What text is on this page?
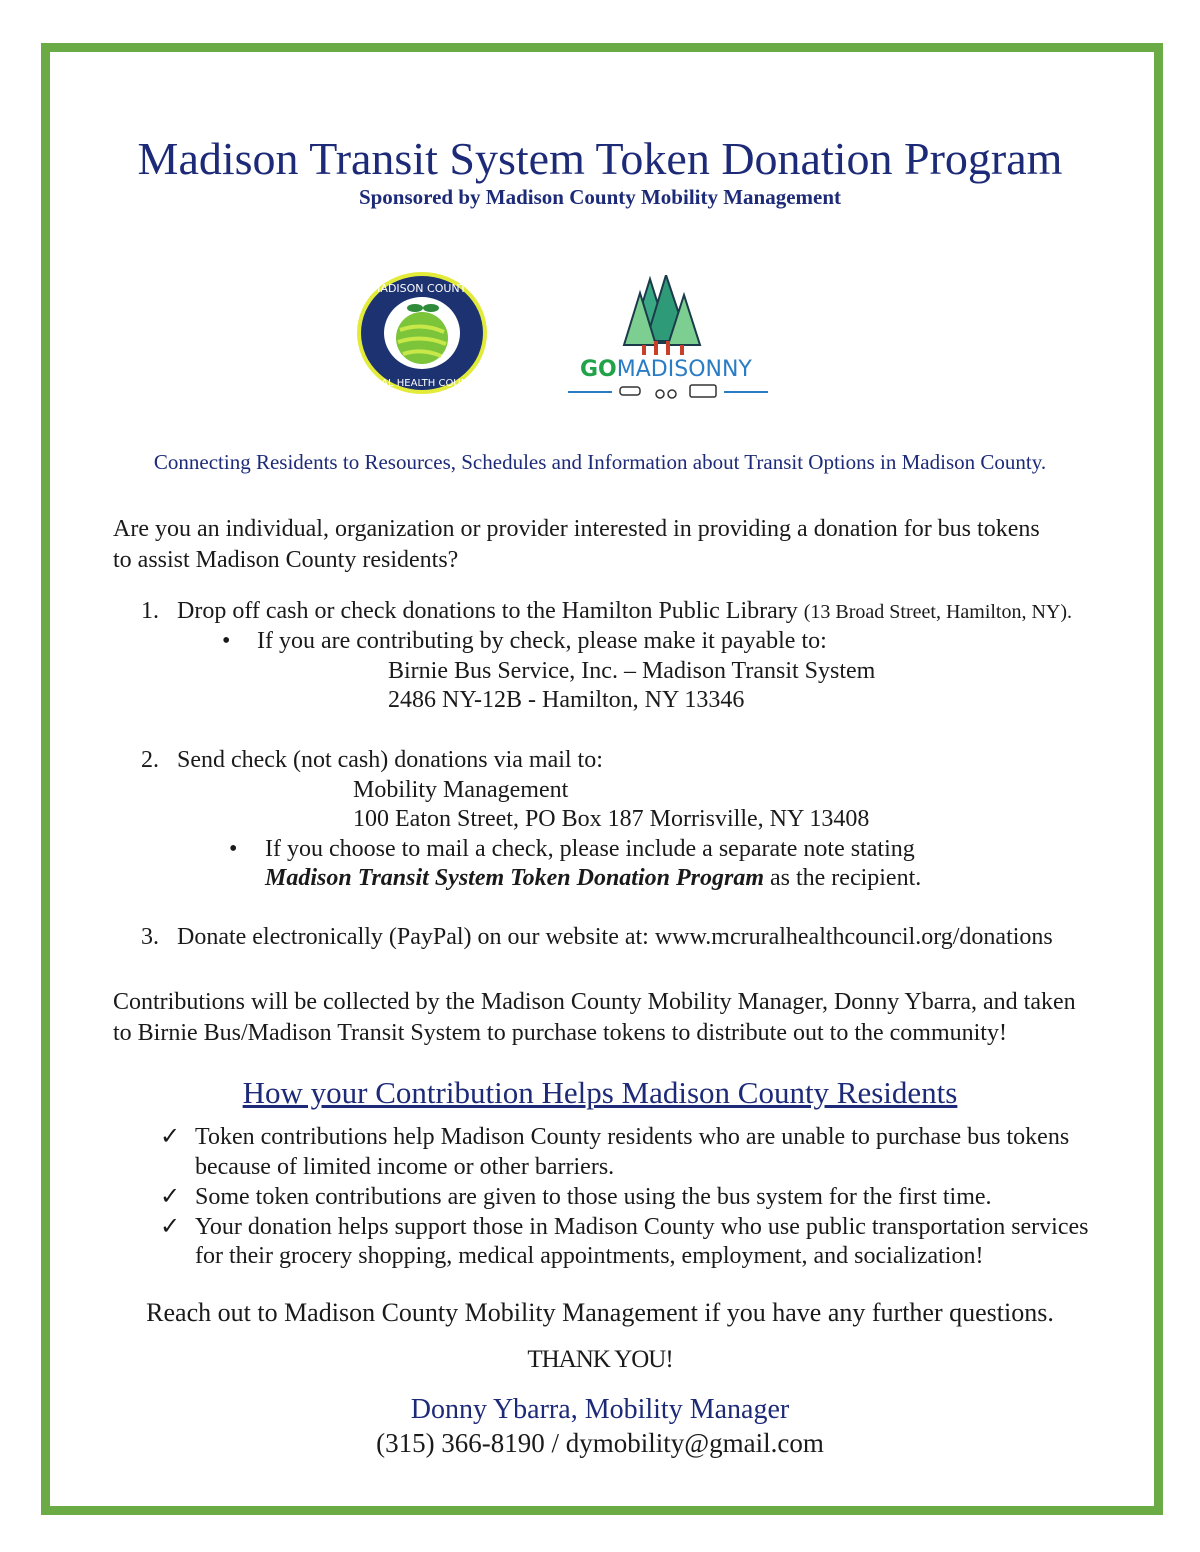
Madison Transit System Token Donation Program
Sponsored by Madison County Mobility Management
MADISON COUNTY
RURAL HEALTH COUNCIL
GOMADISONNY
Connecting Residents to Resources, Schedules and Information about Transit Options in Madison County.
Are you an individual, organization or provider interested in providing a donation for bus tokens
to assist Madison County residents?
1. Drop off cash or check donations to the Hamilton Public Library (13 Broad Street, Hamilton, NY).
• If you are contributing by check, please make it payable to:
Birnie Bus Service, Inc. – Madison Transit System
2486 NY-12B - Hamilton, NY 13346
2. Send check (not cash) donations via mail to:
Mobility Management
100 Eaton Street, PO Box 187 Morrisville, NY 13408
• If you choose to mail a check, please include a separate note stating
Madison Transit System Token Donation Program as the recipient.
3. Donate electronically (PayPal) on our website at: www.mcruralhealthcouncil.org/donations
Contributions will be collected by the Madison County Mobility Manager, Donny Ybarra, and taken
to Birnie Bus/Madison Transit System to purchase tokens to distribute out to the community!
How your Contribution Helps Madison County Residents
✓ Token contributions help Madison County residents who are unable to purchase bus tokens
because of limited income or other barriers.
✓ Some token contributions are given to those using the bus system for the first time.
✓ Your donation helps support those in Madison County who use public transportation services
for their grocery shopping, medical appointments, employment, and socialization!
Reach out to Madison County Mobility Management if you have any further questions.
THANK YOU!
Donny Ybarra, Mobility Manager
(315) 366-8190 / dymobility@gmail.com
